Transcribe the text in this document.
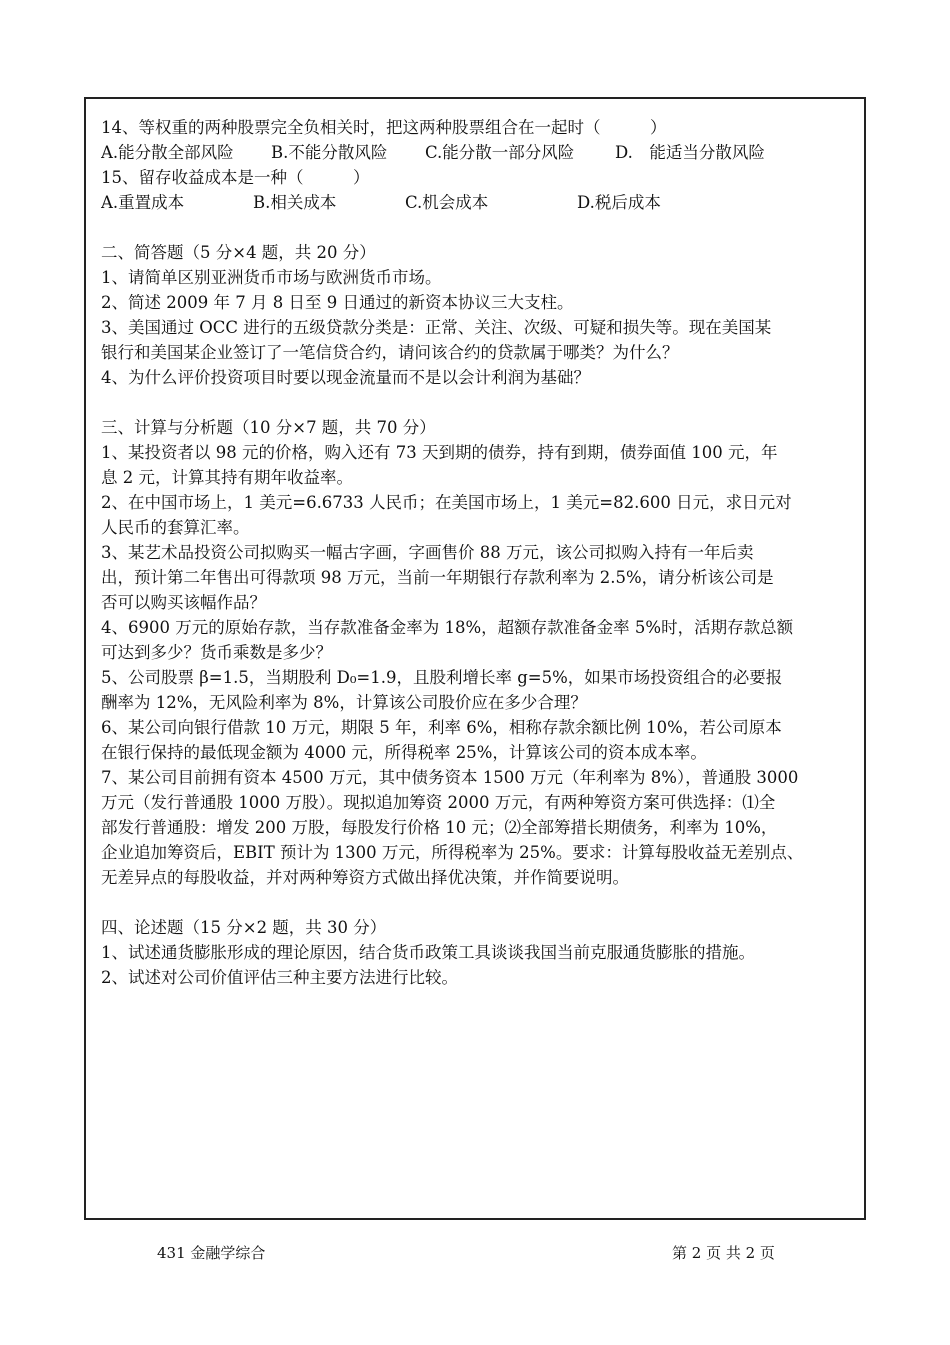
14、等权重的两种股票完全负相关时，把这两种股票组合在一起时（　　　）
A.能分散全部风险	B.不能分散风险	C.能分散一部分风险	D.　能适当分散风险
15、留存收益成本是一种（　　　）
A.重置成本	B.相关成本	C.机会成本	D.税后成本
二、简答题（5 分×4 题，共 20 分）
1、请简单区别亚洲货币市场与欧洲货币市场。
2、简述 2009 年 7 月 8 日至 9 日通过的新资本协议三大支柱。
3、美国通过 OCC 进行的五级贷款分类是：正常、关注、次级、可疑和损失等。现在美国某
银行和美国某企业签订了一笔信贷合约，请问该合约的贷款属于哪类？为什么？
4、为什么评价投资项目时要以现金流量而不是以会计利润为基础？
三、计算与分析题（10 分×7 题，共 70 分）
1、某投资者以 98 元的价格，购入还有 73 天到期的债券，持有到期，债券面值 100 元，年
息 2 元，计算其持有期年收益率。
2、在中国市场上，1 美元=6.6733 人民币；在美国市场上，1 美元=82.600 日元，求日元对
人民币的套算汇率。
3、某艺术品投资公司拟购买一幅古字画，字画售价 88 万元，该公司拟购入持有一年后卖
出，预计第二年售出可得款项 98 万元，当前一年期银行存款利率为 2.5%，请分析该公司是
否可以购买该幅作品？
4、6900 万元的原始存款，当存款准备金率为 18%，超额存款准备金率 5%时，活期存款总额
可达到多少？货币乘数是多少？
5、公司股票 β=1.5，当期股利 D₀=1.9，且股利增长率 g=5%，如果市场投资组合的必要报
酬率为 12%，无风险利率为 8%，计算该公司股价应在多少合理？
6、某公司向银行借款 10 万元，期限 5 年，利率 6%，相称存款余额比例 10%，若公司原本
在银行保持的最低现金额为 4000 元，所得税率 25%，计算该公司的资本成本率。
7、某公司目前拥有资本 4500 万元，其中债务资本 1500 万元（年利率为 8%），普通股 3000
万元（发行普通股 1000 万股）。现拟追加筹资 2000 万元，有两种筹资方案可供选择：⑴全
部发行普通股：增发 200 万股，每股发行价格 10 元；⑵全部筹措长期债务，利率为 10%，
企业追加筹资后，EBIT 预计为 1300 万元，所得税率为 25%。要求：计算每股收益无差别点、
无差异点的每股收益，并对两种筹资方式做出择优决策，并作简要说明。
四、论述题（15 分×2 题，共 30 分）
1、试述通货膨胀形成的理论原因，结合货币政策工具谈谈我国当前克服通货膨胀的措施。
2、试述对公司价值评估三种主要方法进行比较。
431 金融学综合	第 2 页 共 2 页
